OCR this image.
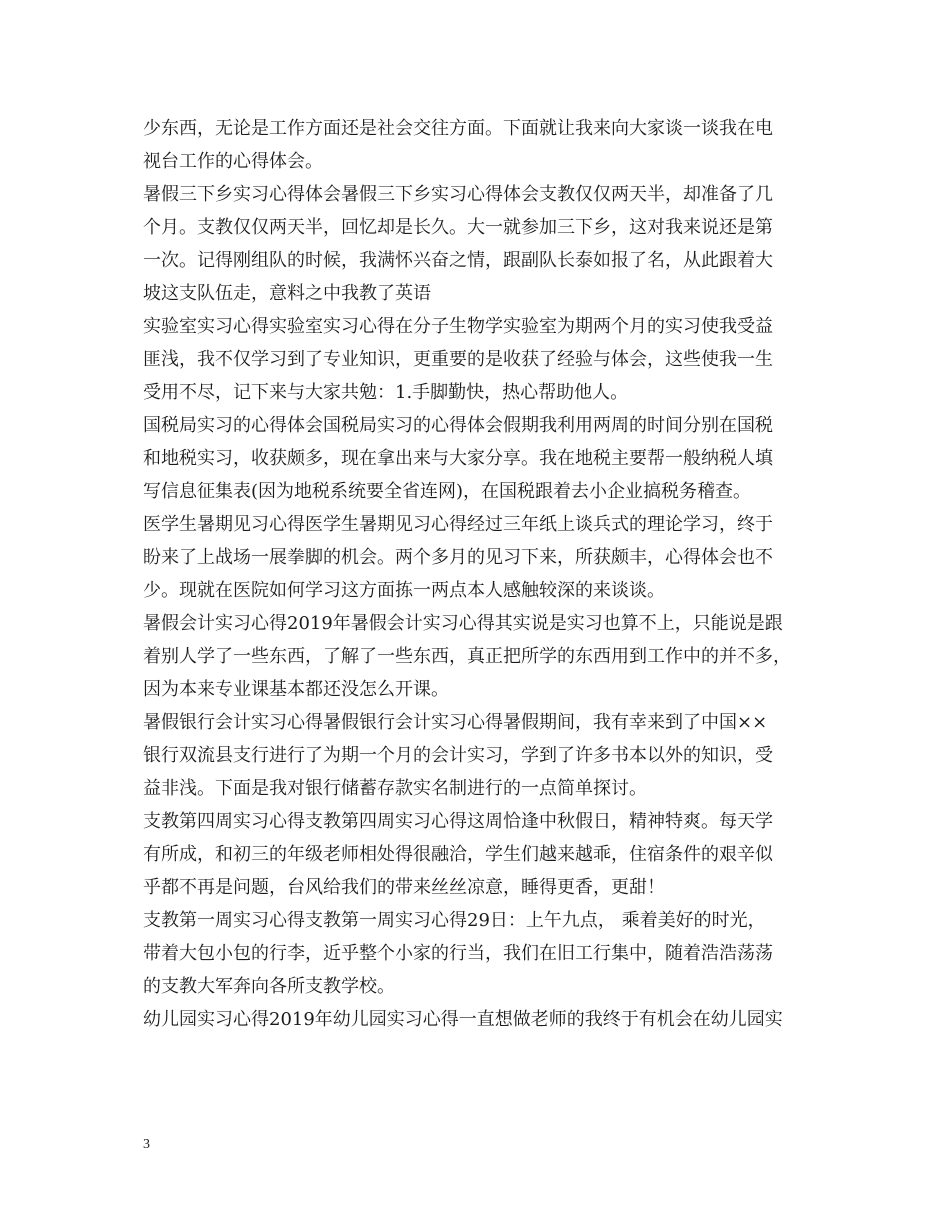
少东西，无论是工作方面还是社会交往方面。下面就让我来向大家谈一谈我在电
视台工作的心得体会。
暑假三下乡实习心得体会暑假三下乡实习心得体会支教仅仅两天半，却准备了几
个月。支教仅仅两天半，回忆却是长久。大一就参加三下乡，这对我来说还是第
一次。记得刚组队的时候，我满怀兴奋之情，跟副队长泰如报了名，从此跟着大
坡这支队伍走，意料之中我教了英语
实验室实习心得实验室实习心得在分子生物学实验室为期两个月的实习使我受益
匪浅，我不仅学习到了专业知识，更重要的是收获了经验与体会，这些使我一生
受用不尽，记下来与大家共勉：1.手脚勤快，热心帮助他人。
国税局实习的心得体会国税局实习的心得体会假期我利用两周的时间分别在国税
和地税实习，收获颇多，现在拿出来与大家分享。我在地税主要帮一般纳税人填
写信息征集表(因为地税系统要全省连网)，在国税跟着去小企业搞税务稽查。
医学生暑期见习心得医学生暑期见习心得经过三年纸上谈兵式的理论学习，终于
盼来了上战场一展拳脚的机会。两个多月的见习下来，所获颇丰，心得体会也不
少。现就在医院如何学习这方面拣一两点本人感触较深的来谈谈。
暑假会计实习心得2019年暑假会计实习心得其实说是实习也算不上，只能说是跟
着别人学了一些东西，了解了一些东西，真正把所学的东西用到工作中的并不多，
因为本来专业课基本都还没怎么开课。
暑假银行会计实习心得暑假银行会计实习心得暑假期间，我有幸来到了中国××
银行双流县支行进行了为期一个月的会计实习，学到了许多书本以外的知识，受
益非浅。下面是我对银行储蓄存款实名制进行的一点简单探讨。
支教第四周实习心得支教第四周实习心得这周恰逢中秋假日，精神特爽。每天学
有所成，和初三的年级老师相处得很融洽，学生们越来越乖，住宿条件的艰辛似
乎都不再是问题，台风给我们的带来丝丝凉意，睡得更香，更甜！
支教第一周实习心得支教第一周实习心得29日：上午九点， 乘着美好的时光，
带着大包小包的行李，近乎整个小家的行当，我们在旧工行集中，随着浩浩荡荡
的支教大军奔向各所支教学校。
幼儿园实习心得2019年幼儿园实习心得一直想做老师的我终于有机会在幼儿园实
3
